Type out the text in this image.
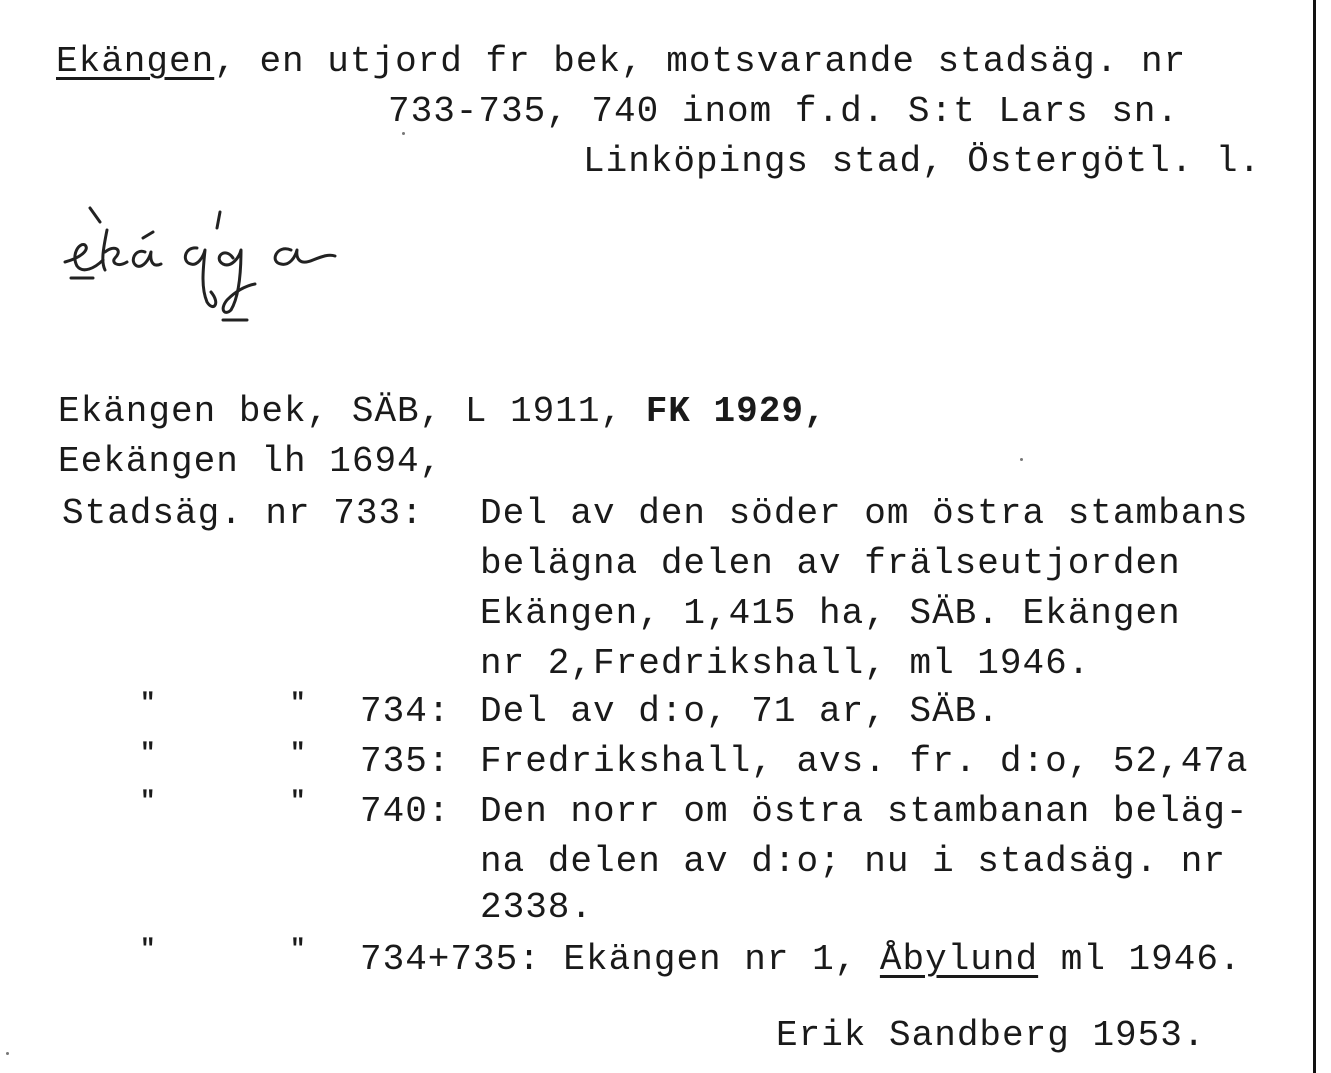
Ekängen, en utjord fr bek, motsvarande stadsäg. nr
733-735, 740 inom f.d. S:t Lars sn.
Linköpings stad, Östergötl. l.
Ekängen bek, SÄB, L 1911, FK 1929,
Eekängen lh 1694,
Stadsäg. nr 733: Del av den söder om östra stambans
belägna delen av frälseutjorden
Ekängen, 1,415 ha, SÄB. Ekängen
nr 2,Fredrikshall, ml 1946.
"	" 734: Del av d:o, 71 ar, SÄB.
"	" 735: Fredrikshall, avs. fr. d:o, 52,47a
"	" 740: Den norr om östra stambanan beläg-
na delen av d:o; nu i stadsäg. nr
2338.
"	" 734+735: Ekängen nr 1, Åbylund ml 1946.
Erik Sandberg 1953.
